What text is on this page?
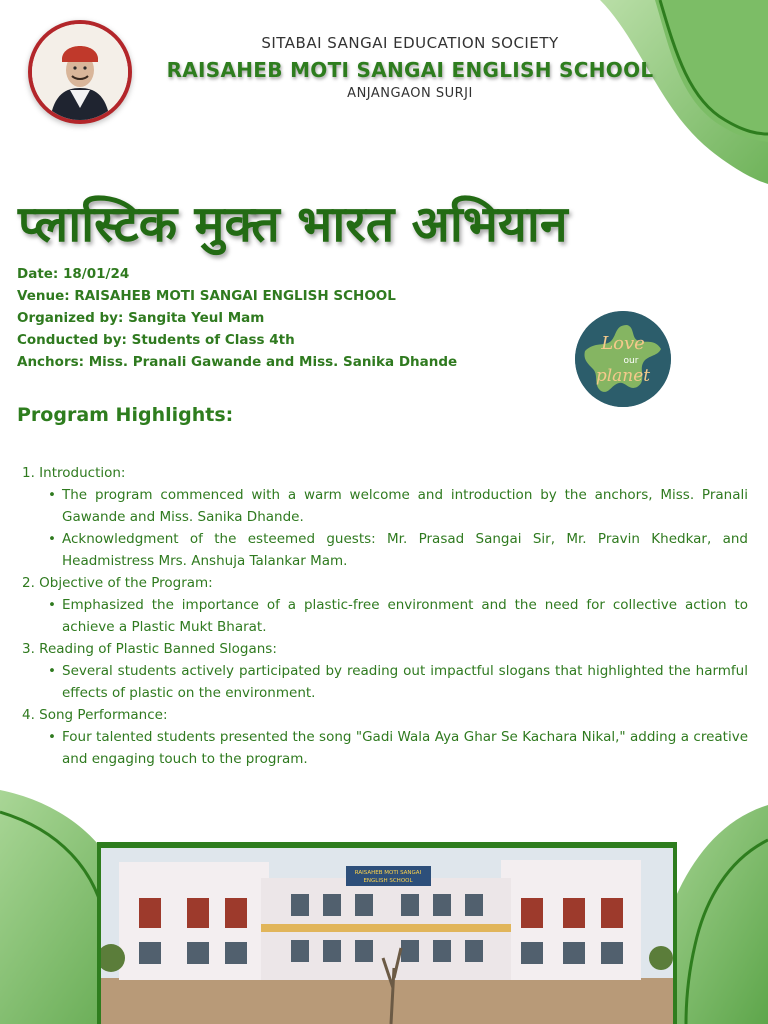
SITABAI SANGAI EDUCATION SOCIETY
RAISAHEB MOTI SANGAI ENGLISH SCHOOL
ANJANGAON SURJI
प्लास्टिक मुक्त भारत अभियान
Date: 18/01/24
Venue: RAISAHEB MOTI SANGAI ENGLISH SCHOOL
Organized by: Sangita Yeul Mam
Conducted by: Students of Class 4th
Anchors: Miss. Pranali Gawande and Miss. Sanika Dhande
Love
our
planet
Program Highlights:
1. Introduction:
• The program commenced with a warm welcome and introduction by the anchors, Miss. Pranali Gawande and Miss. Sanika Dhande.
• Acknowledgment of the esteemed guests: Mr. Prasad Sangai Sir, Mr. Pravin Khedkar, and Headmistress Mrs. Anshuja Talankar Mam.
2. Objective of the Program:
• Emphasized the importance of a plastic-free environment and the need for collective action to achieve a Plastic Mukt Bharat.
3. Reading of Plastic Banned Slogans:
• Several students actively participated by reading out impactful slogans that highlighted the harmful effects of plastic on the environment.
4. Song Performance:
• Four talented students presented the song "Gadi Wala Aya Ghar Se Kachara Nikal," adding a creative and engaging touch to the program.
RAISAHEB MOTI SANGAI
ENGLISH SCHOOL
